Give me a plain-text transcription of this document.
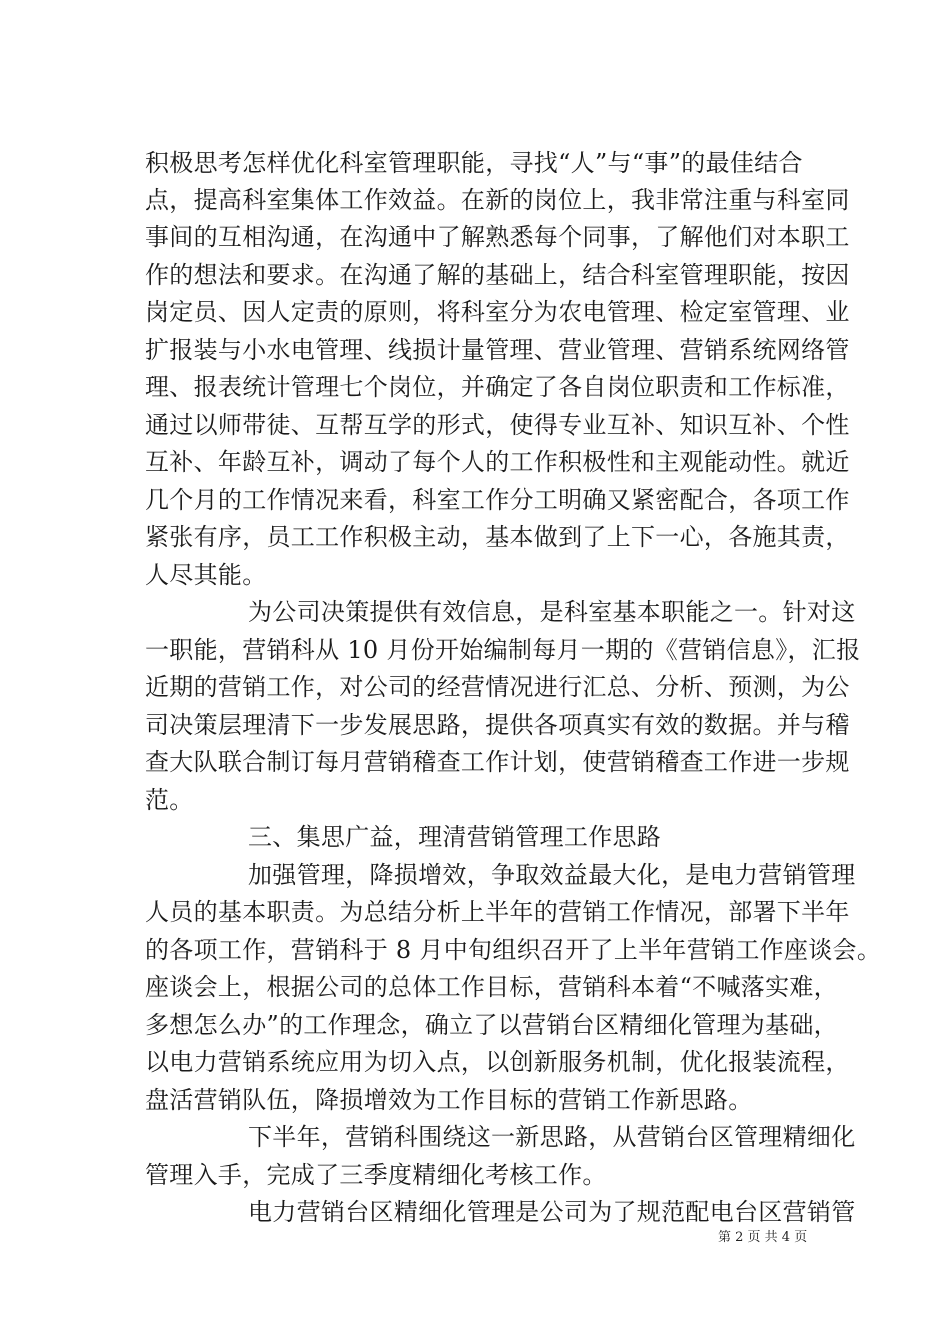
积极思考怎样优化科室管理职能，寻找“人”与“事”的最佳结合
点，提高科室集体工作效益。在新的岗位上，我非常注重与科室同
事间的互相沟通，在沟通中了解熟悉每个同事，了解他们对本职工
作的想法和要求。在沟通了解的基础上，结合科室管理职能，按因
岗定员、因人定责的原则，将科室分为农电管理、检定室管理、业
扩报装与小水电管理、线损计量管理、营业管理、营销系统网络管
理、报表统计管理七个岗位，并确定了各自岗位职责和工作标准，
通过以师带徒、互帮互学的形式，使得专业互补、知识互补、个性
互补、年龄互补，调动了每个人的工作积极性和主观能动性。就近
几个月的工作情况来看，科室工作分工明确又紧密配合，各项工作
紧张有序，员工工作积极主动，基本做到了上下一心，各施其责，
人尽其能。
为公司决策提供有效信息，是科室基本职能之一。针对这
一职能，营销科从 10 月份开始编制每月一期的《营销信息》，汇报
近期的营销工作，对公司的经营情况进行汇总、分析、预测，为公
司决策层理清下一步发展思路，提供各项真实有效的数据。并与稽
查大队联合制订每月营销稽查工作计划，使营销稽查工作进一步规
范。
三、集思广益，理清营销管理工作思路
加强管理，降损增效，争取效益最大化，是电力营销管理
人员的基本职责。为总结分析上半年的营销工作情况，部署下半年
的各项工作，营销科于 8 月中旬组织召开了上半年营销工作座谈会。
座谈会上，根据公司的总体工作目标，营销科本着“不喊落实难，
多想怎么办”的工作理念，确立了以营销台区精细化管理为基础，
以电力营销系统应用为切入点，以创新服务机制，优化报装流程，
盘活营销队伍，降损增效为工作目标的营销工作新思路。
下半年，营销科围绕这一新思路，从营销台区管理精细化
管理入手，完成了三季度精细化考核工作。
电力营销台区精细化管理是公司为了规范配电台区营销管
第 2 页 共 4 页
